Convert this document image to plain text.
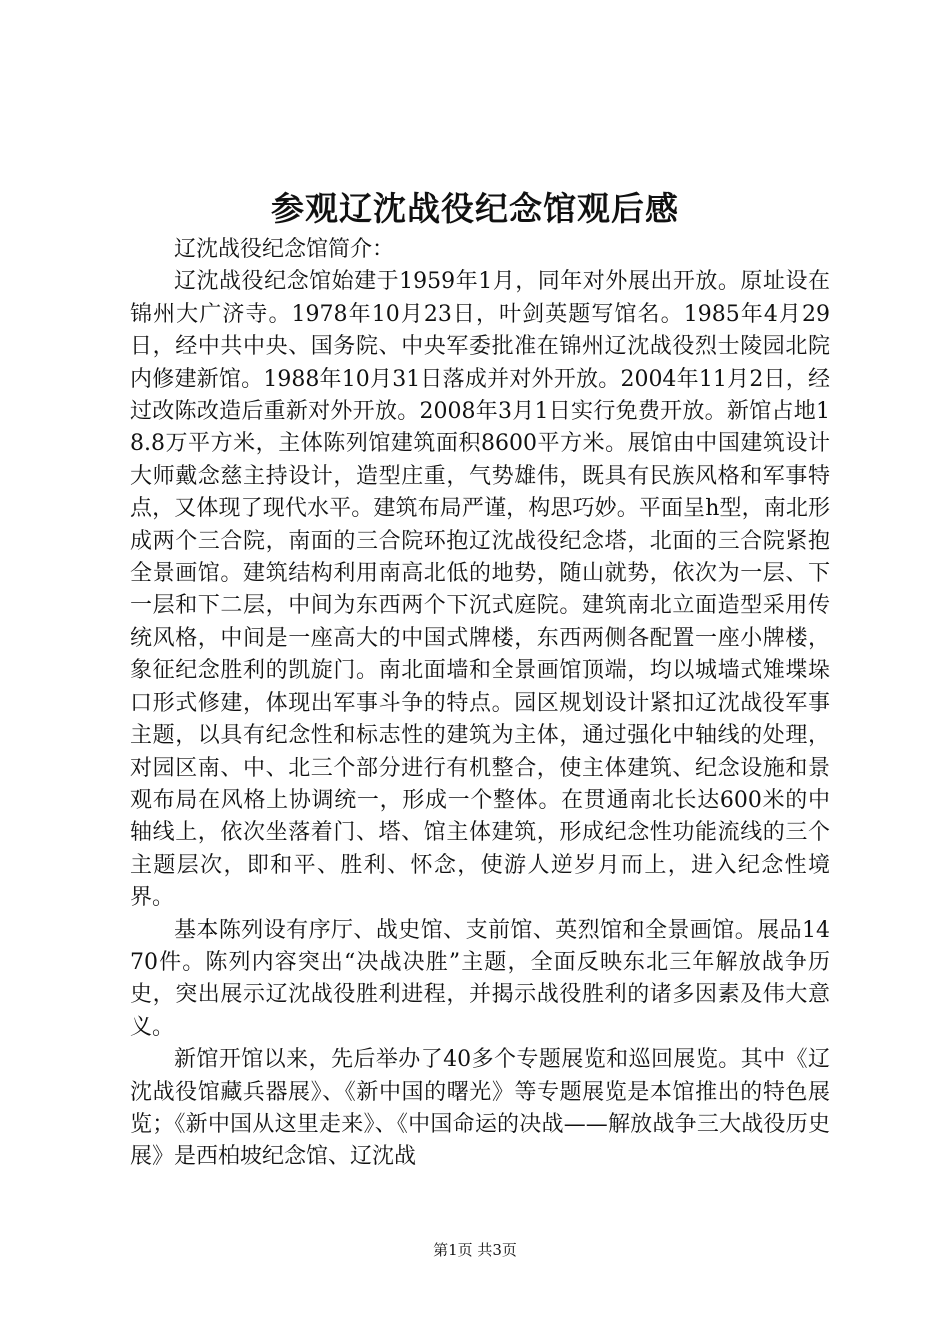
参观辽沈战役纪念馆观后感

辽沈战役纪念馆简介：

辽沈战役纪念馆始建于1959年1月，同年对外展出开放。原址设在锦州大广济寺。1978年10月23日，叶剑英题写馆名。1985年4月29日，经中共中央、国务院、中央军委批准在锦州辽沈战役烈士陵园北院内修建新馆。1988年10月31日落成并对外开放。2004年11月2日，经过改陈改造后重新对外开放。2008年3月1日实行免费开放。新馆占地18.8万平方米，主体陈列馆建筑面积8600平方米。展馆由中国建筑设计大师戴念慈主持设计，造型庄重，气势雄伟，既具有民族风格和军事特点，又体现了现代水平。建筑布局严谨，构思巧妙。平面呈h型，南北形成两个三合院，南面的三合院环抱辽沈战役纪念塔，北面的三合院紧抱全景画馆。建筑结构利用南高北低的地势，随山就势，依次为一层、下一层和下二层，中间为东西两个下沉式庭院。建筑南北立面造型采用传统风格，中间是一座高大的中国式牌楼，东西两侧各配置一座小牌楼，象征纪念胜利的凯旋门。南北面墙和全景画馆顶端，均以城墙式雉堞垛口形式修建，体现出军事斗争的特点。园区规划设计紧扣辽沈战役军事主题，以具有纪念性和标志性的建筑为主体，通过强化中轴线的处理，对园区南、中、北三个部分进行有机整合，使主体建筑、纪念设施和景观布局在风格上协调统一，形成一个整体。在贯通南北长达600米的中轴线上，依次坐落着门、塔、馆主体建筑，形成纪念性功能流线的三个主题层次，即和平、胜利、怀念，使游人逆岁月而上，进入纪念性境界。

基本陈列设有序厅、战史馆、支前馆、英烈馆和全景画馆。展品1470件。陈列内容突出“决战决胜”主题，全面反映东北三年解放战争历史，突出展示辽沈战役胜利进程，并揭示战役胜利的诸多因素及伟大意义。

新馆开馆以来，先后举办了40多个专题展览和巡回展览。其中《辽沈战役馆藏兵器展》、《新中国的曙光》等专题展览是本馆推出的特色展览；《新中国从这里走来》、《中国命运的决战——解放战争三大战役历史展》是西柏坡纪念馆、辽沈战

第1页 共3页
